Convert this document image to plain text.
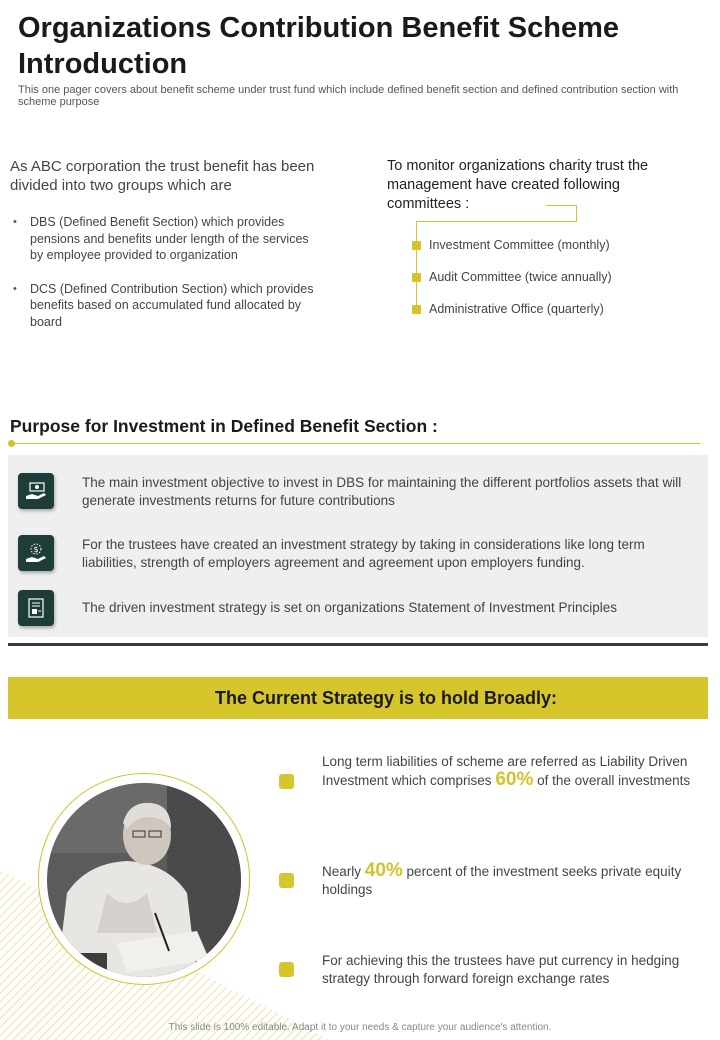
Organizations Contribution Benefit Scheme Introduction
This one pager covers about benefit scheme under trust fund which include defined benefit section and defined contribution section with scheme purpose
As ABC corporation the trust benefit has been divided into two groups which are
• DBS (Defined Benefit Section) which provides pensions and benefits under length of the services by employee provided to organization
• DCS (Defined Contribution Section) which provides benefits based on accumulated fund allocated by board
To monitor organizations charity trust the management have created following committees :
Investment Committee (monthly)
Audit Committee (twice annually)
Administrative Office (quarterly)
Purpose for Investment in Defined Benefit Section :
The main investment objective to invest in DBS for maintaining the different portfolios assets that will generate investments returns for future contributions
$	For the trustees have created an investment strategy by taking in considerations like long term liabilities, strength of employers agreement and agreement upon employers funding.
The driven investment strategy is set on organizations Statement of Investment Principles
The Current Strategy is to hold Broadly:
Long term liabilities of scheme are referred as Liability Driven Investment which comprises 60% of the overall investments
Nearly 40% percent of the investment seeks private equity holdings
For achieving this the trustees have put currency in hedging strategy through forward foreign exchange rates
This slide is 100% editable. Adapt it to your needs & capture your audience's attention.
